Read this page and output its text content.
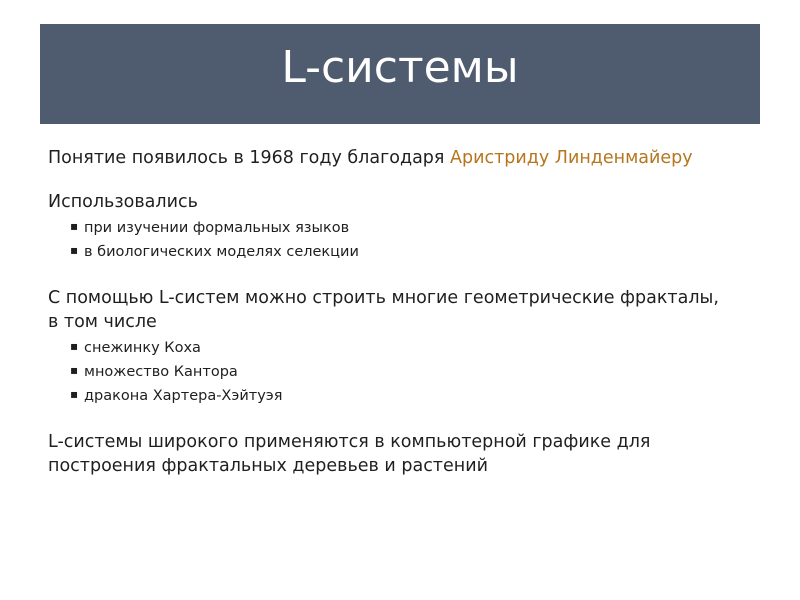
L-системы

Понятие появилось в 1968 году благодаря Аристриду Линденмайеру

Использовались

▪ при изучении формальных языков
▪ в биологических моделях селекции

С помощью L-систем можно строить многие геометрические фракталы, в том числе

▪ снежинку Коха
▪ множество Кантора
▪ дракона Хартера-Хэйтуэя

L-системы широкого применяются в компьютерной графике для построения фрактальных деревьев и растений
